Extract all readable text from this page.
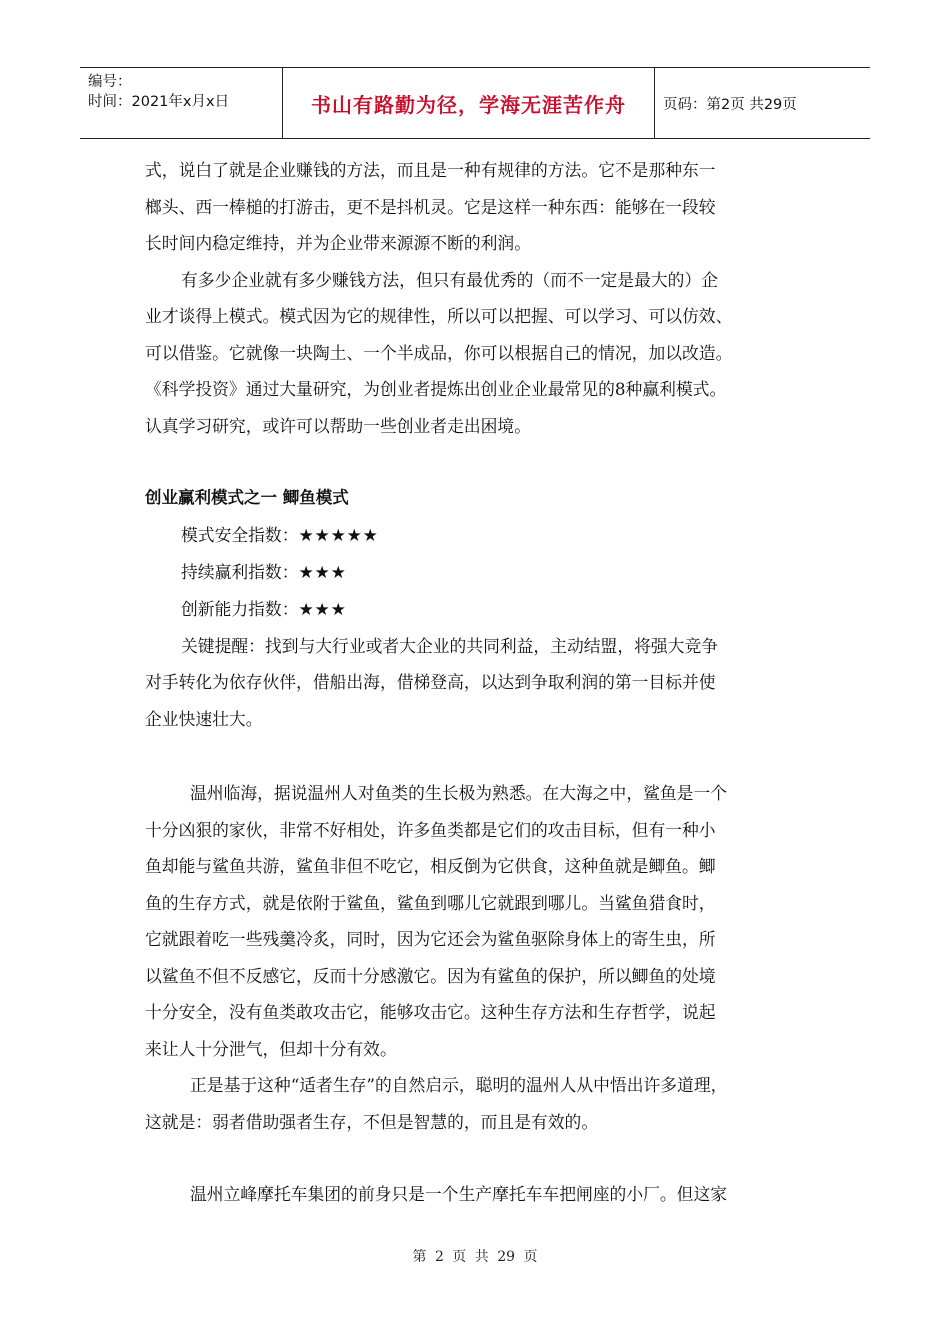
编号：
时间：2021年x月x日	书山有路勤为径，学海无涯苦作舟	页码：第2页 共29页

式，说白了就是企业赚钱的方法，而且是一种有规律的方法。它不是那种东一

榔头、西一棒槌的打游击，更不是抖机灵。它是这样一种东西：能够在一段较

长时间内稳定维持，并为企业带来源源不断的利润。

有多少企业就有多少赚钱方法，但只有最优秀的（而不一定是最大的）企

业才谈得上模式。模式因为它的规律性，所以可以把握、可以学习、可以仿效、

可以借鉴。它就像一块陶土、一个半成品，你可以根据自己的情况，加以改造。

《科学投资》通过大量研究，为创业者提炼出创业企业最常见的8种赢利模式。

认真学习研究，或许可以帮助一些创业者走出困境。

创业赢利模式之一 鲫鱼模式

模式安全指数：★★★★★

持续赢利指数：★★★

创新能力指数：★★★

关键提醒：找到与大行业或者大企业的共同利益，主动结盟，将强大竞争

对手转化为依存伙伴，借船出海，借梯登高，以达到争取利润的第一目标并使

企业快速壮大。

温州临海，据说温州人对鱼类的生长极为熟悉。在大海之中，鲨鱼是一个

十分凶狠的家伙，非常不好相处，许多鱼类都是它们的攻击目标，但有一种小

鱼却能与鲨鱼共游，鲨鱼非但不吃它，相反倒为它供食，这种鱼就是鲫鱼。鲫

鱼的生存方式，就是依附于鲨鱼，鲨鱼到哪儿它就跟到哪儿。当鲨鱼猎食时，

它就跟着吃一些残羹冷炙，同时，因为它还会为鲨鱼驱除身体上的寄生虫，所

以鲨鱼不但不反感它，反而十分感激它。因为有鲨鱼的保护，所以鲫鱼的处境

十分安全，没有鱼类敢攻击它，能够攻击它。这种生存方法和生存哲学，说起

来让人十分泄气，但却十分有效。

正是基于这种“适者生存”的自然启示，聪明的温州人从中悟出许多道理，

这就是：弱者借助强者生存，不但是智慧的，而且是有效的。

温州立峰摩托车集团的前身只是一个生产摩托车车把闸座的小厂。但这家

第 2 页 共 29 页
